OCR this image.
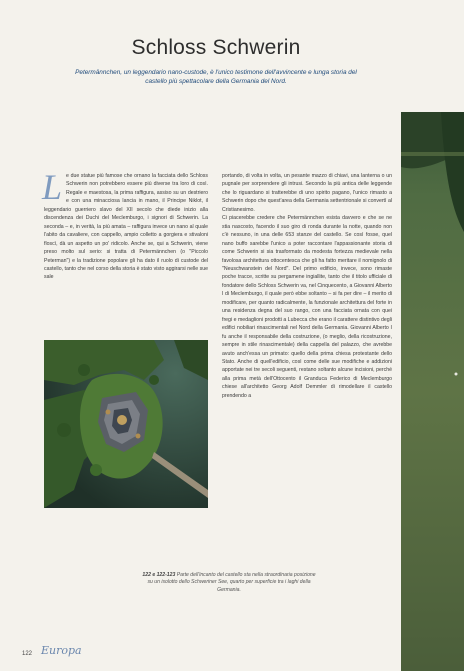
Schloss Schwerin
Petermännchen, un leggendario nano-custode, è l'unico testimone dell'avvincente e lunga storia del castello più spettacolare della Germania del Nord.
L e due statue più famose che ornano la facciata dello Schloss Schwerin non potrebbero essere più diverse tra loro di così. Regale e maestosa, la prima raffigura, assiso su un destriero e con una minacciosa lancia in mano, il Principe Niklot, il leggendario guerriero slavo del XII secolo che diede inizio alla discendenza dei Duchi del Meclemburgo, i signori di Schwerin. La seconda – e, in verità, la più amata – raffigura invece un nano al quale l'abito da cavaliere, con cappello, ampio colletto a gorgiera e stivaloni floscì, dà un aspetto un po' ridicolo. Anche se, qui a Schwerin, viene preso molto sul serio: si tratta di Petermännchen (o "Piccolo Peterman") e la tradizione popolare gli ha dato il ruolo di custode del castello, tanto che nel corso della storia è stato visto aggirarsi nelle sue sale

portando, di volta in volta, un pesante mazzo di chiavi, una lanterna o un pugnale per sorprendere gli intrusi. Secondo la più antica delle leggende che lo riguardano si tratterebbe di uno spirito pagano, l'unico rimasto a Schwerin dopo che quest'area della Germania settentrionale si convertì al Cristianesimo.

Ci piacerebbe credere che Petermännchen esista davvero e che se ne stia nascosto, facendo il suo giro di ronda durante la notte, quando non c'è nessuno, in una delle 653 stanze del castello. Se così fosse, quel nano buffo sarebbe l'unico a poter raccontare l'appassionante storia di come Schwerin si sia trasformato da modesta fortezza medievale nella favolosa architettura ottocentesca che gli ha fatto meritare il nomignolo di "Neuschwanstein del Nord". Del primo edificio, invece, sono rimaste poche tracce, scritte su pergamene ingiallite, tanto che il titolo ufficiale di fondatore dello Schloss Schwerin va, nel Cinquecento, a Giovanni Alberto I di Meclemburgo, il quale però ebbe soltanto – si fa per dire – il merito di modificare, per quanto radicalmente, la funzionale architettura del forte in una residenza degna del suo rango, con una facciata ornata con quei fregi e medaglioni prodotti a Lubecca che erano il carattere distintivo degli edifici nobiliari rinascimentali nel Nord della Germania. Giovanni Alberto I fu anche il responsabile della costruzione, (o meglio, della ricostruzione, sempre in stile rinascimentale) della cappella del palazzo, che avrebbe avuto anch'essa un primato: quello della prima chiesa protestante dello Stato. Anche di quell'edificio, così come delle sue modifiche e addizioni apportate nei tre secoli seguenti, restano soltanto alcune incisioni, perché alla prima metà dell'Ottocento il Granduca Federico di Meclemburgo chiese all'architetto Georg Adolf Demmler di rimodellare il castello prendendo a

122 e 122-123 Parte dell'incanto del castello sta nella straordinaria posizione su un isolotto dello Schweriner See, quarto per superficie tra i laghi della Germania.
122 Europa
